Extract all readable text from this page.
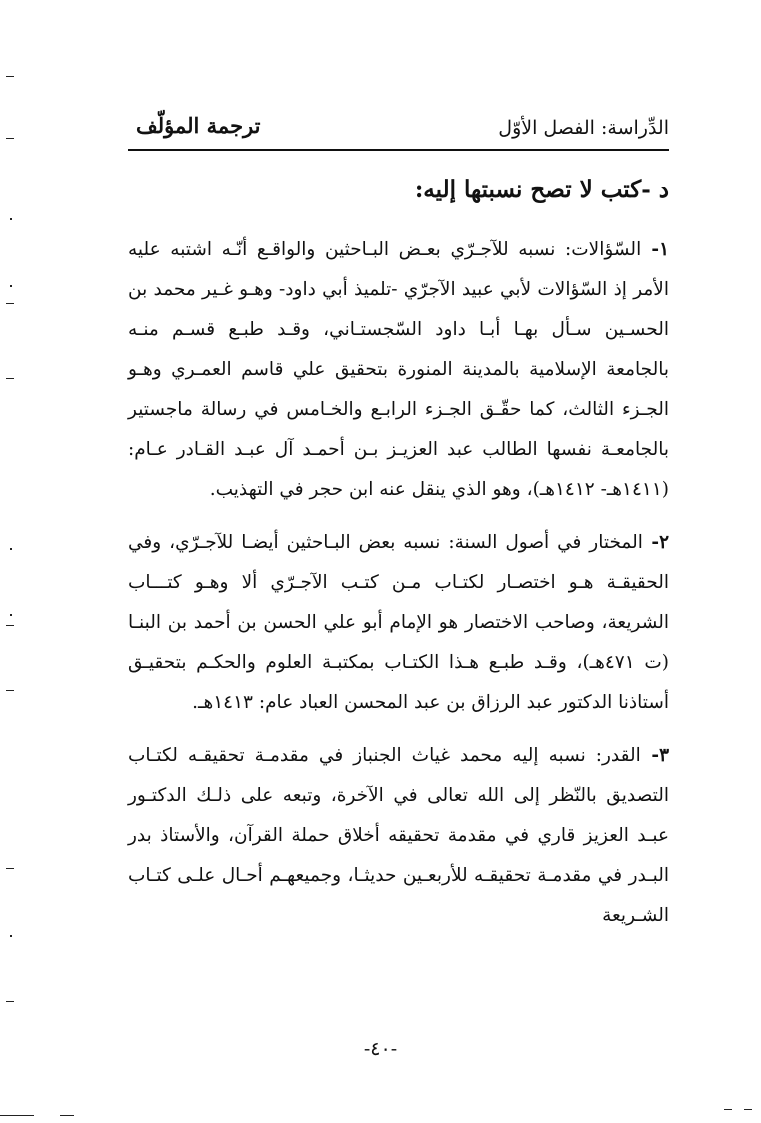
الدِّراسة: الفصل الأوّل
ترجمة المؤلّف
د -كتب لا تصح نسبتها إليه:

١- السّؤالات: نسبه للآجـرّي بعـض البـاحثين والواقـع أنّـه اشتبه عليه الأمر إذ السّؤالات لأبي عبيد الآجرّي -تلميذ أبي داود- وهـو غـير محمد بن الحسـين سـأل بهـا أبـا داود السّجستـاني، وقـد طبـع قسـم منـه بالجامعة الإسلامية بالمدينة المنورة بتحقيق علي قاسم العمـري وهـو الجـزء الثالث، كما حقّـق الجـزء الرابـع والخـامس في رسالة ماجستير بالجامعـة نفسها الطالب عبد العزيـز بـن أحمـد آل عبـد القـادر عـام: (١٤١١هـ- ١٤١٢هـ)، وهو الذي ينقل عنه ابن حجر في التهذيب.

٢- المختار في أصول السنة: نسبه بعض البـاحثين أيضـا للآجـرّي، وفي الحقيقـة هـو اختصـار لكتـاب مـن كتـب الآجـرّي ألا وهـو كتـــاب الشريعة، وصاحب الاختصار هو الإمام أبو علي الحسن بن أحمد بن البنـا (ت ٤٧١هـ)، وقـد طبـع هـذا الكتـاب بمكتبـة العلوم والحكـم بتحقيـق أستاذنا الدكتور عبد الرزاق بن عبد المحسن العباد عام: ١٤١٣هـ.

٣- القدر: نسبه إليه محمد غياث الجنباز في مقدمـة تحقيقـه لكتـاب التصديق بالنّظر إلى الله تعالى في الآخرة، وتبعه على ذلـك الدكتـور عبـد العزيز قاري في مقدمة تحقيقه أخلاق حملة القرآن، والأستاذ بدر البـدر في مقدمـة تحقيقـه للأربعـين حديثـا، وجميعهـم أحـال علـى كتـاب الشـريعة

-٤٠-
